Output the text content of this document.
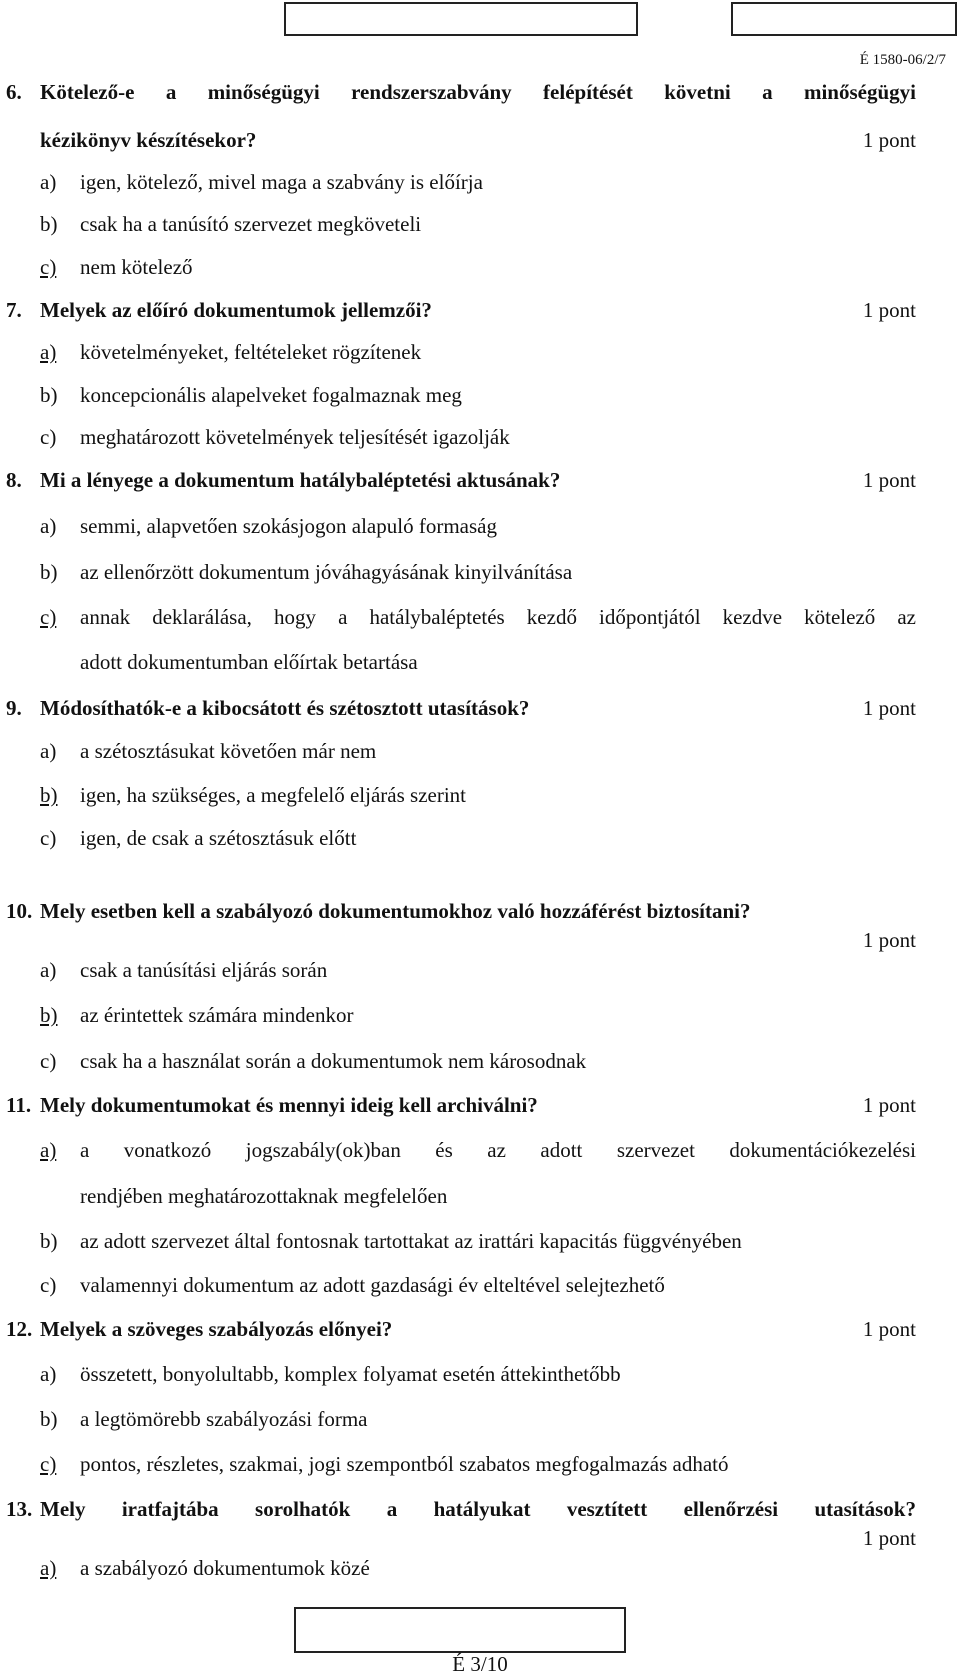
É 1580-06/2/7
6. Kötelező-e a minőségügyi rendszerszabvány felépítését követni a minőségügyi
kézikönyv készítésekor?	1 pont
a) igen, kötelező, mivel maga a szabvány is előírja
b) csak ha a tanúsító szervezet megköveteli
c) nem kötelező
7. Melyek az előíró dokumentumok jellemzői?	1 pont
a) követelményeket, feltételeket rögzítenek
b) koncepcionális alapelveket fogalmaznak meg
c) meghatározott követelmények teljesítését igazolják
8. Mi a lényege a dokumentum hatálybaléptetési aktusának?	1 pont
a) semmi, alapvetően szokásjogon alapuló formaság
b) az ellenőrzött dokumentum jóváhagyásának kinyilvánítása
c) annak deklarálása, hogy a hatálybaléptetés kezdő időpontjától kezdve kötelező az
adott dokumentumban előírtak betartása
9. Módosíthatók-e a kibocsátott és szétosztott utasítások?	1 pont
a) a szétosztásukat követően már nem
b) igen, ha szükséges, a megfelelő eljárás szerint
c) igen, de csak a szétosztásuk előtt
10. Mely esetben kell a szabályozó dokumentumokhoz való hozzáférést biztosítani?
1 pont
a) csak a tanúsítási eljárás során
b) az érintettek számára mindenkor
c) csak ha a használat során a dokumentumok nem károsodnak
11. Mely dokumentumokat és mennyi ideig kell archiválni?	1 pont
a) a vonatkozó jogszabály(ok)ban és az adott szervezet dokumentációkezelési
rendjében meghatározottaknak megfelelően
b) az adott szervezet által fontosnak tartottakat az irattári kapacitás függvényében
c) valamennyi dokumentum az adott gazdasági év elteltével selejtezhető
12. Melyek a szöveges szabályozás előnyei?	1 pont
a) összetett, bonyolultabb, komplex folyamat esetén áttekinthetőbb
b) a legtömörebb szabályozási forma
c) pontos, részletes, szakmai, jogi szempontból szabatos megfogalmazás adható
13. Mely iratfajtába sorolhatók a hatályukat vesztített ellenőrzési utasítások?
1 pont
a) a szabályozó dokumentumok közé
É 3/10
